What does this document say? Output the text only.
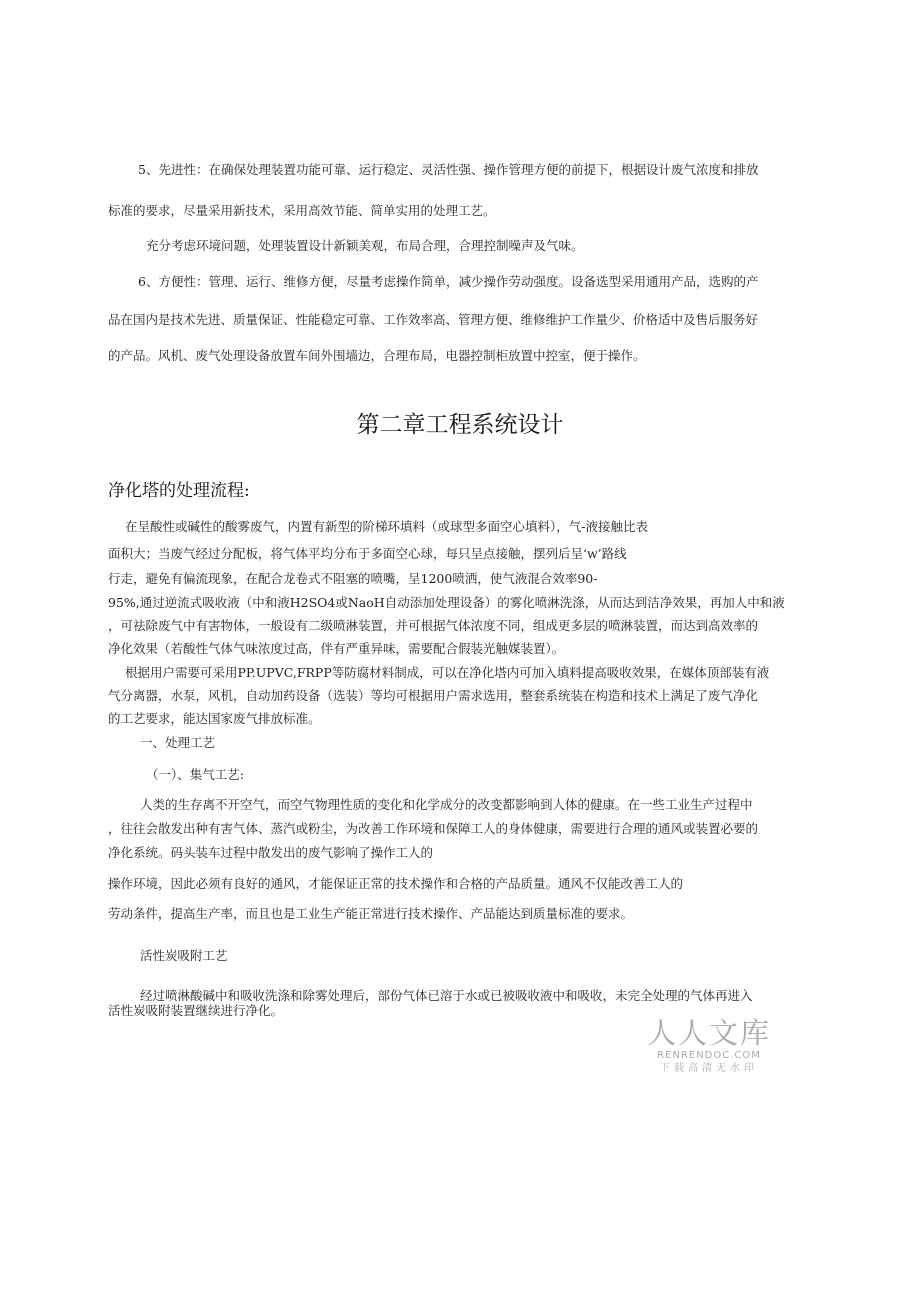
5、先进性：在确保处理装置功能可靠、运行稳定、灵活性强、操作管理方便的前提下，根据设计废气浓度和排放

标准的要求，尽量采用新技术，采用高效节能、简单实用的处理工艺。

充分考虑环境问题，处理装置设计新颖美观，布局合理，合理控制噪声及气味。

6、方便性：管理、运行、维修方便，尽量考虑操作简单，减少操作劳动强度。设备选型采用通用产品，选购的产

品在国内是技术先进、质量保证、性能稳定可靠、工作效率高、管理方便、维修维护工作量少、价格适中及售后服务好

的产品。风机、废气处理设备放置车间外围墙边，合理布局，电器控制柜放置中控室，便于操作。

第二章工程系统设计
净化塔的处理流程:

在呈酸性或碱性的酸雾废气，内置有新型的阶梯环填料（或球型多面空心填料），气-液接触比表

面积大；当废气经过分配板，将气体平均分布于多面空心球，每只呈点接触，摆列后呈‘w’路线

行走，避免有偏流现象，在配合龙卷式不阻塞的喷嘴，呈1200喷洒，使气液混合效率90-

95%,通过逆流式吸收液（中和液H2SO4或NaoH自动添加处理设备）的雾化喷淋洗涤，从而达到洁净效果，再加人中和液

，可祛除废气中有害物体，一般设有二级喷淋装置，并可根据气体浓度不同，组成更多层的喷淋装置，而达到高效率的

净化效果（若酸性气体气味浓度过高，伴有严重异味，需要配合假装光触媒装置）。

根据用户需要可采用PP.UPVC,FRPP等防腐材料制成，可以在净化塔内可加入填料提高吸收效果，在媒体顶部装有液

气分离器，水泵，风机，自动加药设备（选装）等均可根据用户需求选用，整套系统装在构造和技术上满足了废气净化

的工艺要求，能达国家废气排放标准。

一、处理工艺

（一）、集气工艺:

人类的生存离不开空气，而空气物理性质的变化和化学成分的改变都影响到人体的健康。在一些工业生产过程中

，往往会散发出种有害气体、蒸汽或粉尘，为改善工作环境和保障工人的身体健康，需要进行合理的通风或装置必要的

净化系统。码头装车过程中散发出的废气影响了操作工人的

操作环境，因此必须有良好的通风，才能保证正常的技术操作和合格的产品质量。通风不仅能改善工人的

劳动条件，提高生产率，而且也是工业生产能正常进行技术操作、产品能达到质量标准的要求。

活性炭吸附工艺

经过喷淋酸碱中和吸收洗涤和除雾处理后，部份气体已溶于水或已被吸收液中和吸收，未完全处理的气体再进入

活性炭吸附装置继续进行净化。

人人文库
RENRENDOC.COM
下载高清无水印
